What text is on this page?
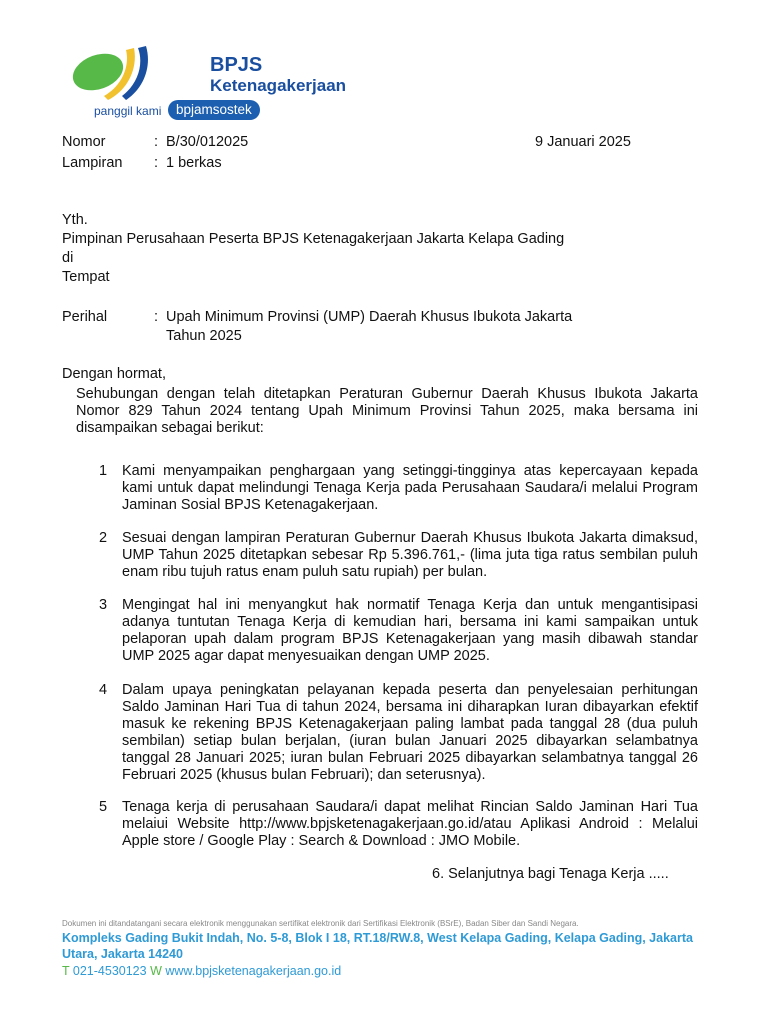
BPJS
Ketenagakerjaan
panggil kami	bpjamsostek
Nomor	: B/30/012025	9 Januari 2025
Lampiran : 1 berkas
Yth.
Pimpinan Perusahaan Peserta BPJS Ketenagakerjaan Jakarta Kelapa Gading
di
Tempat
Perihal	: Upah Minimum Provinsi (UMP) Daerah Khusus Ibukota Jakarta
Tahun 2025
Dengan hormat,
Sehubungan dengan telah ditetapkan Peraturan Gubernur Daerah Khusus Ibukota Jakarta Nomor 829 Tahun 2024 tentang Upah Minimum Provinsi Tahun 2025, maka bersama ini disampaikan sebagai berikut:
1 Kami menyampaikan penghargaan yang setinggi-tingginya atas kepercayaan kepada kami untuk dapat melindungi Tenaga Kerja pada Perusahaan Saudara/i melalui Program Jaminan Sosial BPJS Ketenagakerjaan.
2 Sesuai dengan lampiran Peraturan Gubernur Daerah Khusus Ibukota Jakarta dimaksud, UMP Tahun 2025 ditetapkan sebesar Rp 5.396.761,- (lima juta tiga ratus sembilan puluh enam ribu tujuh ratus enam puluh satu rupiah) per bulan.
3 Mengingat hal ini menyangkut hak normatif Tenaga Kerja dan untuk mengantisipasi adanya tuntutan Tenaga Kerja di kemudian hari, bersama ini kami sampaikan untuk pelaporan upah dalam program BPJS Ketenagakerjaan yang masih dibawah standar UMP 2025 agar dapat menyesuaikan dengan UMP 2025.
4 Dalam upaya peningkatan pelayanan kepada peserta dan penyelesaian perhitungan Saldo Jaminan Hari Tua di tahun 2024, bersama ini diharapkan Iuran dibayarkan efektif masuk ke rekening BPJS Ketenagakerjaan paling lambat pada tanggal 28 (dua puluh sembilan) setiap bulan berjalan, (iuran bulan Januari 2025 dibayarkan selambatnya tanggal 28 Januari 2025; iuran bulan Februari 2025 dibayarkan selambatnya tanggal 26 Februari 2025 (khusus bulan Februari); dan seterusnya).
5 Tenaga kerja di perusahaan Saudara/i dapat melihat Rincian Saldo Jaminan Hari Tua melaiui Website http://www.bpjsketenagakerjaan.go.id/atau Aplikasi Android : Melalui Apple store / Google Play : Search & Download : JMO Mobile.
6. Selanjutnya bagi Tenaga Kerja .....
Dokumen ini ditandatangani secara elektronik menggunakan sertifikat elektronik dari Sertifikasi Elektronik (BSrE), Badan Siber dan Sandi Negara.
Kompleks Gading Bukit Indah, No. 5-8, Blok I 18, RT.18/RW.8, West Kelapa Gading, Kelapa Gading, Jakarta Utara, Jakarta 14240
T 021-4530123 W www.bpjsketenagakerjaan.go.id
